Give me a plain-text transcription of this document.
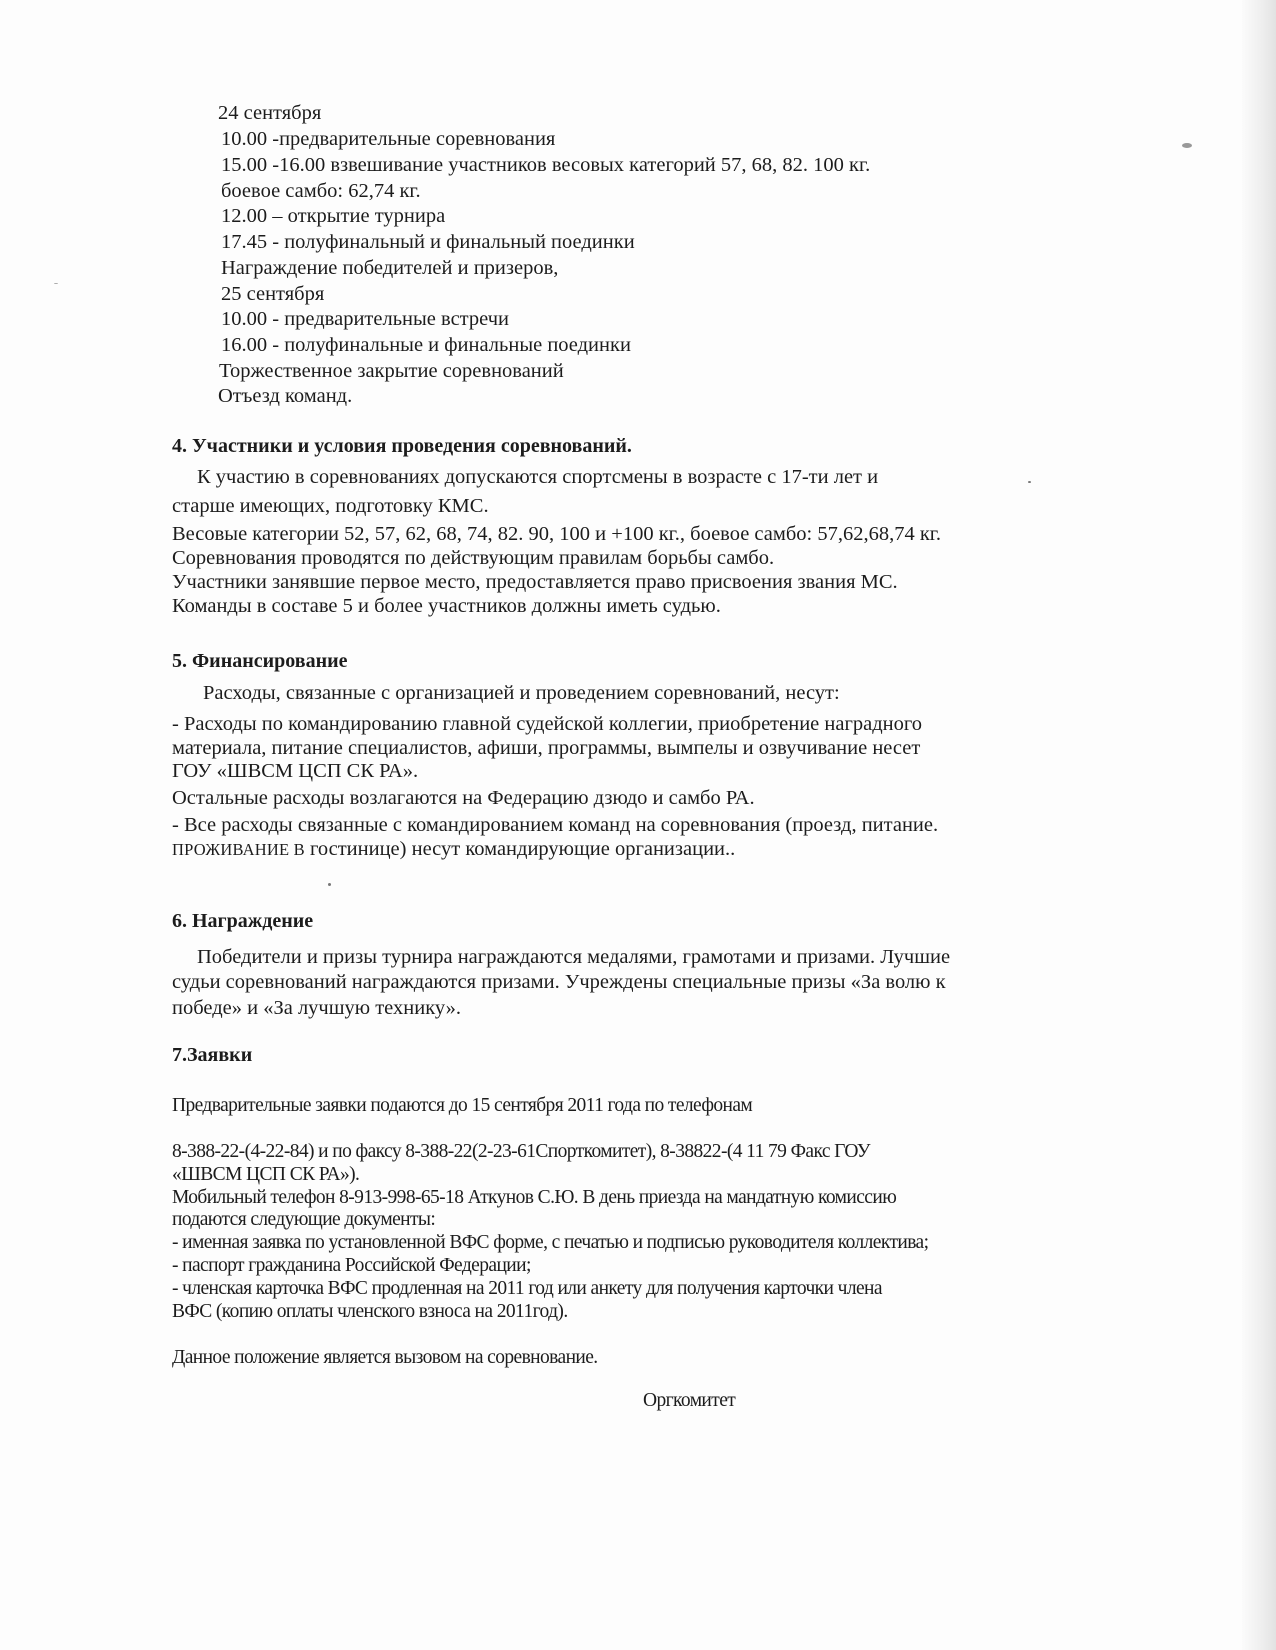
24 сентября
10.00 -предварительные соревнования
15.00 -16.00 взвешивание участников весовых категорий 57, 68, 82. 100 кг.
боевое самбо: 62,74 кг.
12.00 – открытие турнира
17.45 - полуфинальный и финальный поединки
Награждение победителей и призеров,
25 сентября
10.00 - предварительные встречи
16.00 - полуфинальные и финальные поединки
Торжественное закрытие соревнований
Отъезд команд.
4. Участники и условия проведения соревнований.
К участию в соревнованиях допускаются спортсмены в возрасте с 17-ти лет и
старше имеющих, подготовку КМС.
Весовые категории 52, 57, 62, 68, 74, 82. 90, 100 и +100 кг., боевое самбо: 57,62,68,74 кг.
Соревнования проводятся по действующим правилам борьбы самбо.
Участники занявшие первое место, предоставляется право присвоения звания МС.
Команды в составе 5 и более участников должны иметь судью.
5. Финансирование
Расходы, связанные с организацией и проведением соревнований, несут:
- Расходы по командированию главной судейской коллегии, приобретение наградного
материала, питание специалистов, афиши, программы, вымпелы и озвучивание несет
ГОУ «ШВСМ ЦСП СК РА».
Остальные расходы возлагаются на Федерацию дзюдо и самбо РА.
- Все расходы связанные с командированием команд на соревнования (проезд, питание.
ПРОЖИВАНИЕ В гостинице) несут командирующие организации..
6. Награждение
Победители и призы турнира награждаются медалями, грамотами и призами. Лучшие
судьи соревнований награждаются призами. Учреждены специальные призы «За волю к
победе» и «За лучшую технику».
7.Заявки
Предварительные заявки подаются до 15 сентября 2011 года по телефонам
8-388-22-(4-22-84) и по факсу 8-388-22(2-23-61Спорткомитет), 8-38822-(4 11 79 Факс ГОУ
«ШВСМ ЦСП СК РА»).
Мобильный телефон 8-913-998-65-18 Аткунов С.Ю. В день приезда на мандатную комиссию
подаются следующие документы:
- именная заявка по установленной ВФС форме, с печатью и подписью руководителя коллектива;
- паспорт гражданина Российской Федерации;
- членская карточка ВФС продленная на 2011 год или анкету для получения карточки члена
ВФС (копию оплаты членского взноса на 2011год).
Данное положение является вызовом на соревнование.
Оргкомитет
